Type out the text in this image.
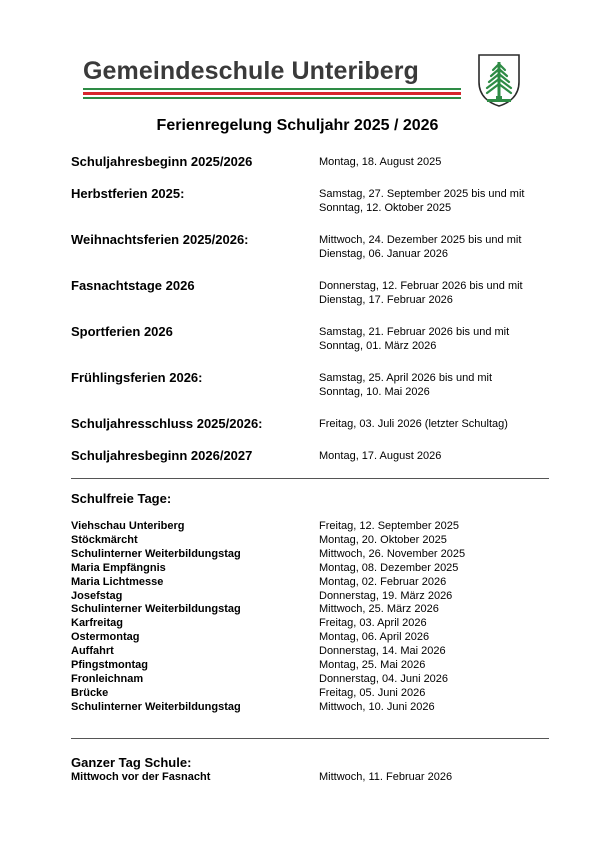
Gemeindeschule Unteriberg
Ferienregelung Schuljahr 2025 / 2026
Schuljahresbeginn 2025/2026	Montag, 18. August 2025
Herbstferien 2025:	Samstag, 27. September 2025 bis und mit
Sonntag, 12. Oktober 2025
Weihnachtsferien 2025/2026:	Mittwoch, 24. Dezember 2025 bis und mit
Dienstag, 06. Januar 2026
Fasnachtstage 2026	Donnerstag, 12. Februar 2026 bis und mit
Dienstag, 17. Februar 2026
Sportferien 2026	Samstag, 21. Februar 2026 bis und mit
Sonntag, 01. März 2026
Frühlingsferien 2026:	Samstag, 25. April 2026 bis und mit
Sonntag, 10. Mai 2026
Schuljahresschluss 2025/2026:	Freitag, 03. Juli 2026 (letzter Schultag)
Schuljahresbeginn 2026/2027	Montag, 17. August 2026
Schulfreie Tage:
Viehschau Unteriberg	Freitag, 12. September 2025
Stöckmärcht	Montag, 20. Oktober 2025
Schulinterner Weiterbildungstag	Mittwoch, 26. November 2025
Maria Empfängnis	Montag, 08. Dezember 2025
Maria Lichtmesse	Montag, 02. Februar 2026
Josefstag	Donnerstag, 19. März 2026
Schulinterner Weiterbildungstag	Mittwoch, 25. März 2026
Karfreitag	Freitag, 03. April 2026
Ostermontag	Montag, 06. April 2026
Auffahrt	Donnerstag, 14. Mai 2026
Pfingstmontag	Montag, 25. Mai 2026
Fronleichnam	Donnerstag, 04. Juni 2026
Brücke	Freitag, 05. Juni 2026
Schulinterner Weiterbildungstag	Mittwoch, 10. Juni 2026
Ganzer Tag Schule:
Mittwoch vor der Fasnacht	Mittwoch, 11. Februar 2026
